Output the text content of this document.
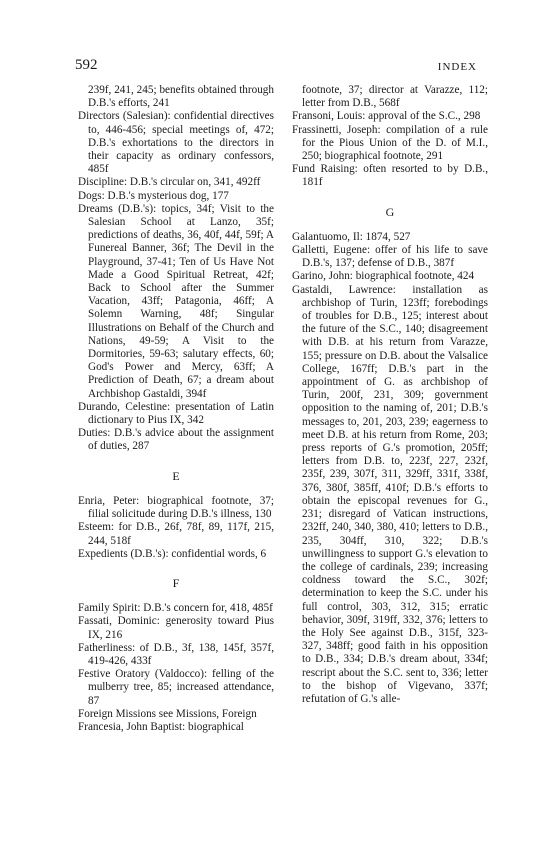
592	INDEX

239f, 241, 245; benefits obtained through D.B.'s efforts, 241

Directors (Salesian): confidential directives to, 446-456; special meetings of, 472; D.B.'s exhortations to the directors in their capacity as ordinary confessors, 485f

Discipline: D.B.'s circular on, 341, 492ff

Dogs: D.B.'s mysterious dog, 177

Dreams (D.B.'s): topics, 34f; Visit to the Salesian School at Lanzo, 35f; predictions of deaths, 36, 40f, 44f, 59f; A Funereal Banner, 36f; The Devil in the Playground, 37-41; Ten of Us Have Not Made a Good Spiritual Retreat, 42f; Back to School after the Summer Vacation, 43ff; Patagonia, 46ff; A Solemn Warning, 48f; Singular Illustrations on Behalf of the Church and Nations, 49-59; A Visit to the Dormitories, 59-63; salutary effects, 60; God's Power and Mercy, 63ff; A Prediction of Death, 67; a dream about Archbishop Gastaldi, 394f

Durando, Celestine: presentation of Latin dictionary to Pius IX, 342

Duties: D.B.'s advice about the assignment of duties, 287

E

Enria, Peter: biographical footnote, 37; filial solicitude during D.B.'s illness, 130

Esteem: for D.B., 26f, 78f, 89, 117f, 215, 244, 518f

Expedients (D.B.'s): confidential words, 6

F

Family Spirit: D.B.'s concern for, 418, 485f

Fassati, Dominic: generosity toward Pius IX, 216

Fatherliness: of D.B., 3f, 138, 145f, 357f, 419-426, 433f

Festive Oratory (Valdocco): felling of the mulberry tree, 85; increased attendance, 87

Foreign Missions see Missions, Foreign

Francesia, John Baptist: biographical

footnote, 37; director at Varazze, 112; letter from D.B., 568f

Fransoni, Louis: approval of the S.C., 298

Frassinetti, Joseph: compilation of a rule for the Pious Union of the D. of M.I., 250; biographical footnote, 291

Fund Raising: often resorted to by D.B., 181f

G

Galantuomo, Il: 1874, 527

Galletti, Eugene: offer of his life to save D.B.'s, 137; defense of D.B., 387f

Garino, John: biographical footnote, 424

Gastaldi, Lawrence: installation as archbishop of Turin, 123ff; forebodings of troubles for D.B., 125; interest about the future of the S.C., 140; disagreement with D.B. at his return from Varazze, 155; pressure on D.B. about the Valsalice College, 167ff; D.B.'s part in the appointment of G. as archbishop of Turin, 200f, 231, 309; government opposition to the naming of, 201; D.B.'s messages to, 201, 203, 239; eagerness to meet D.B. at his return from Rome, 203; press reports of G.'s promotion, 205ff; letters from D.B. to, 223f, 227, 232f, 235f, 239, 307f, 311, 329ff, 331f, 338f, 376, 380f, 385ff, 410f; D.B.'s efforts to obtain the episcopal revenues for G., 231; disregard of Vatican instructions, 232ff, 240, 340, 380, 410; letters to D.B., 235, 304ff, 310, 322; D.B.'s unwillingness to support G.'s elevation to the college of cardinals, 239; increasing coldness toward the S.C., 302f; determination to keep the S.C. under his full control, 303, 312, 315; erratic behavior, 309f, 319ff, 332, 376; letters to the Holy See against D.B., 315f, 323-327, 348ff; good faith in his opposition to D.B., 334; D.B.'s dream about, 334f; rescript about the S.C. sent to, 336; letter to the bishop of Vigevano, 337f; refutation of G.'s alle-
